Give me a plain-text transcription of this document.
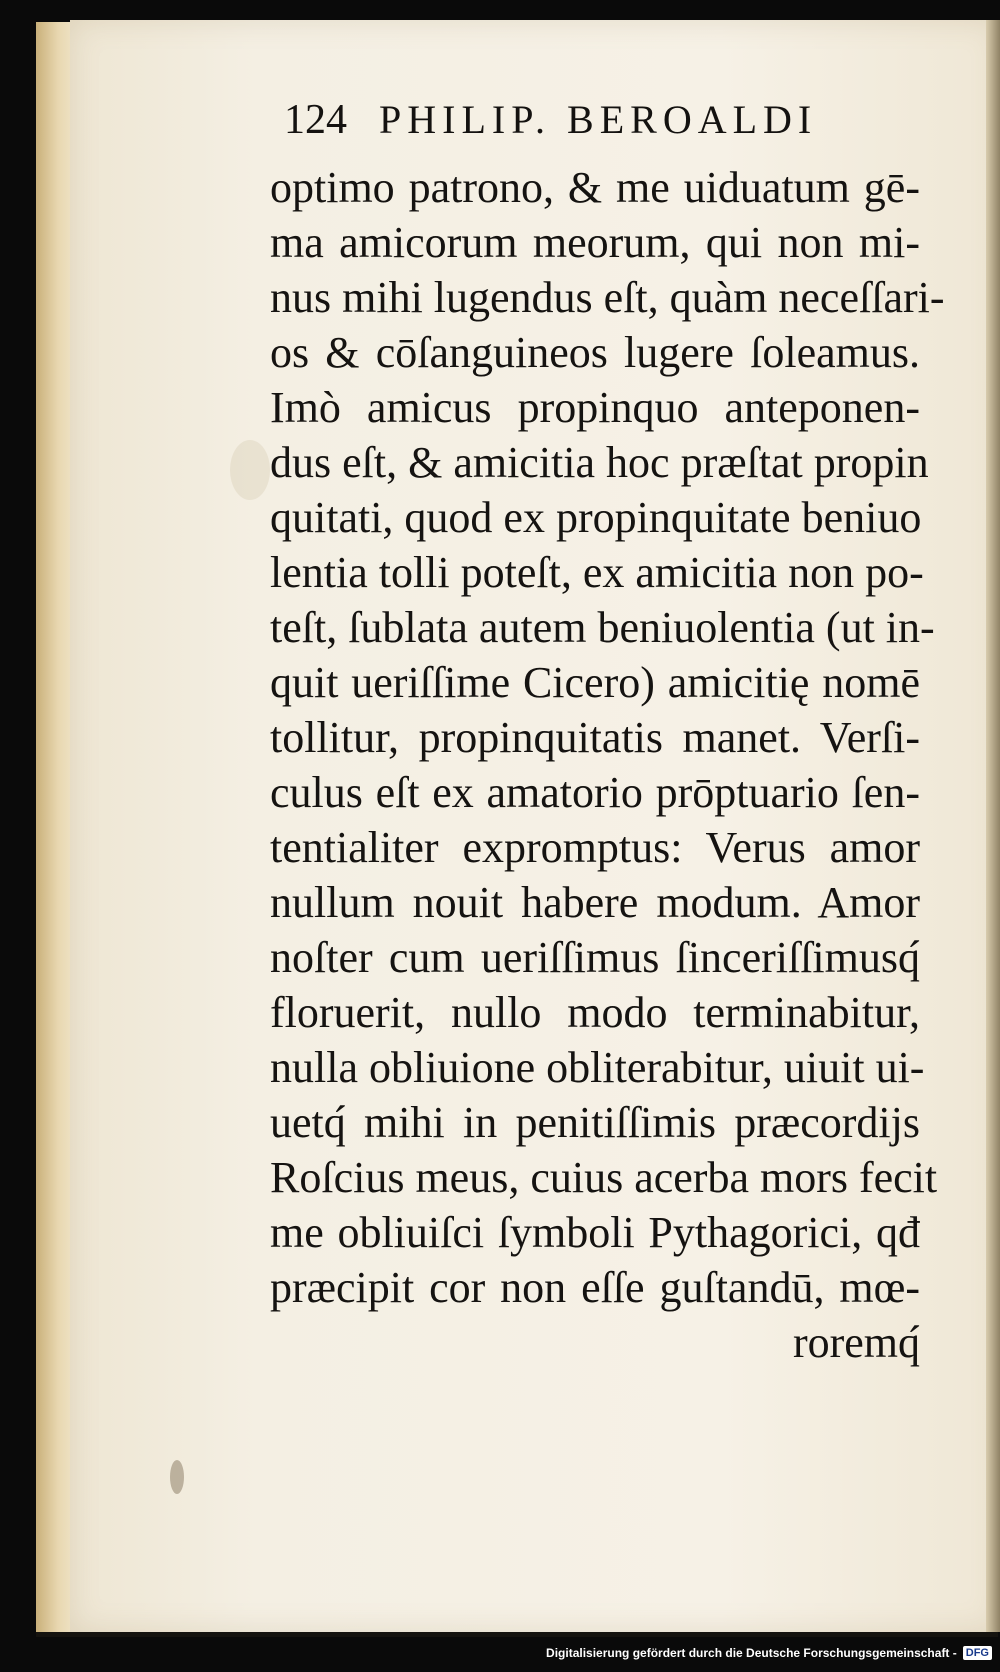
124 PHILIP. BEROALDI
optimo patrono, & me uiduatum gē-
ma amicorum meorum, qui non mi-
nus mihi lugendus eſt, quàm neceſſari-
os & cōſanguineos lugere ſoleamus.
Imò amicus propinquo anteponen-
dus eſt, & amicitia hoc præſtat propin
quitati, quod ex propinquitate beniuo
lentia tolli poteſt, ex amicitia non po-
teſt, ſublata autem beniuolentia (ut in-
quit ueriſſime Cicero) amicitię nomē
tollitur, propinquitatis manet. Verſi-
culus eſt ex amatorio prōptuario ſen-
tentialiter expromptus: Verus amor
nullum nouit habere modum. Amor
noſter cum ueriſſimus ſinceriſſimusq́
floruerit, nullo modo terminabitur,
nulla obliuione obliterabitur, uiuit ui-
uetq́ mihi in penitiſſimis præcordijs
Roſcius meus, cuius acerba mors fecit
me obliuiſci ſymboli Pythagorici, qđ
præcipit cor non eſſe guſtandū, mœ-
roremq́
Digitalisierung gefördert durch die Deutsche Forschungsgemeinschaft - DFG
